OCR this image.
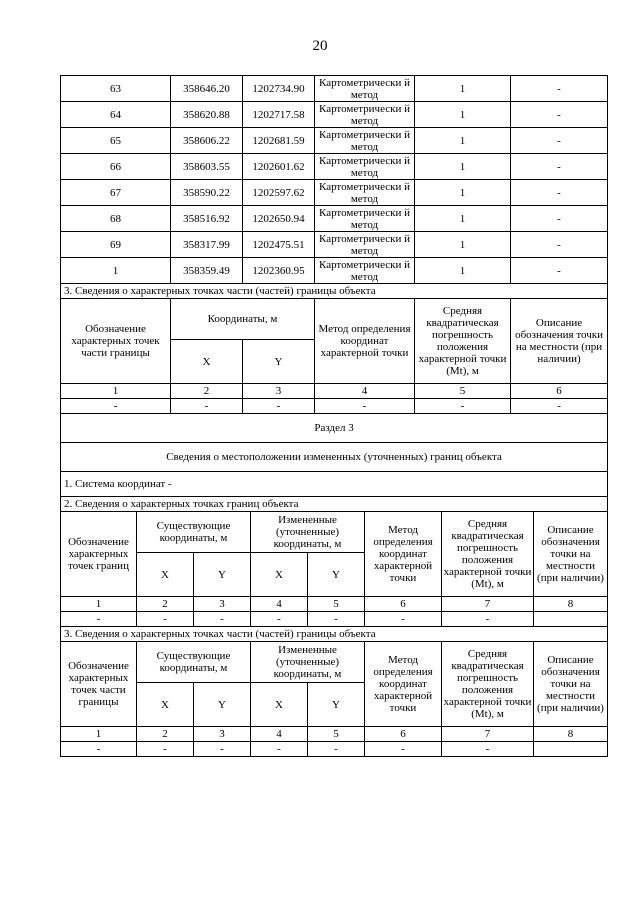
20
63	358646.20	1202734.90	Картометрически й метод	1	-
64	358620.88	1202717.58	Картометрически й метод	1	-
65	358606.22	1202681.59	Картометрически й метод	1	-
66	358603.55	1202601.62	Картометрически й метод	1	-
67	358590.22	1202597.62	Картометрически й метод	1	-
68	358516.92	1202650.94	Картометрически й метод	1	-
69	358317.99	1202475.51	Картометрически й метод	1	-
1	358359.49	1202360.95	Картометрически й метод	1	-
3. Сведения о характерных точках части (частей) границы объекта					
Обозначение характерных точек части границы	Координаты, м		Метод определения координат характерной точки	Средняя квадратическая погрешность положения характерной точки (Mt), м	Описание обозначения точки на местности (при наличии)
	X	Y			
1	2	3	4	5	6
-	-	-	-	-	-
Раздел 3					
Сведения о местоположении измененных (уточненных) границ объекта					
1. Система координат -					
2. Сведения о характерных точках границ объекта							
Обозначение характерных точек границ	Существующие координаты, м		Измененные (уточненные) координаты, м		Метод определения координат характерной точки	Средняя квадратическая погрешность положения характерной точки (Mt), м	Описание обозначения точки на местности (при наличии)
	X	Y	X	Y			
1	2	3	4	5	6	7	8
-	-	-	-	-	-	-	
3. Сведения о характерных точках части (частей) границы объекта							
Обозначение характерных точек части границы	Существующие координаты, м		Измененные (уточненные) координаты, м		Метод определения координат характерной точки	Средняя квадратическая погрешность положения характерной точки (Mt), м	Описание обозначения точки на местности (при наличии)
	X	Y	X	Y			
1	2	3	4	5	6	7	8
-	-	-	-	-	-	-	
